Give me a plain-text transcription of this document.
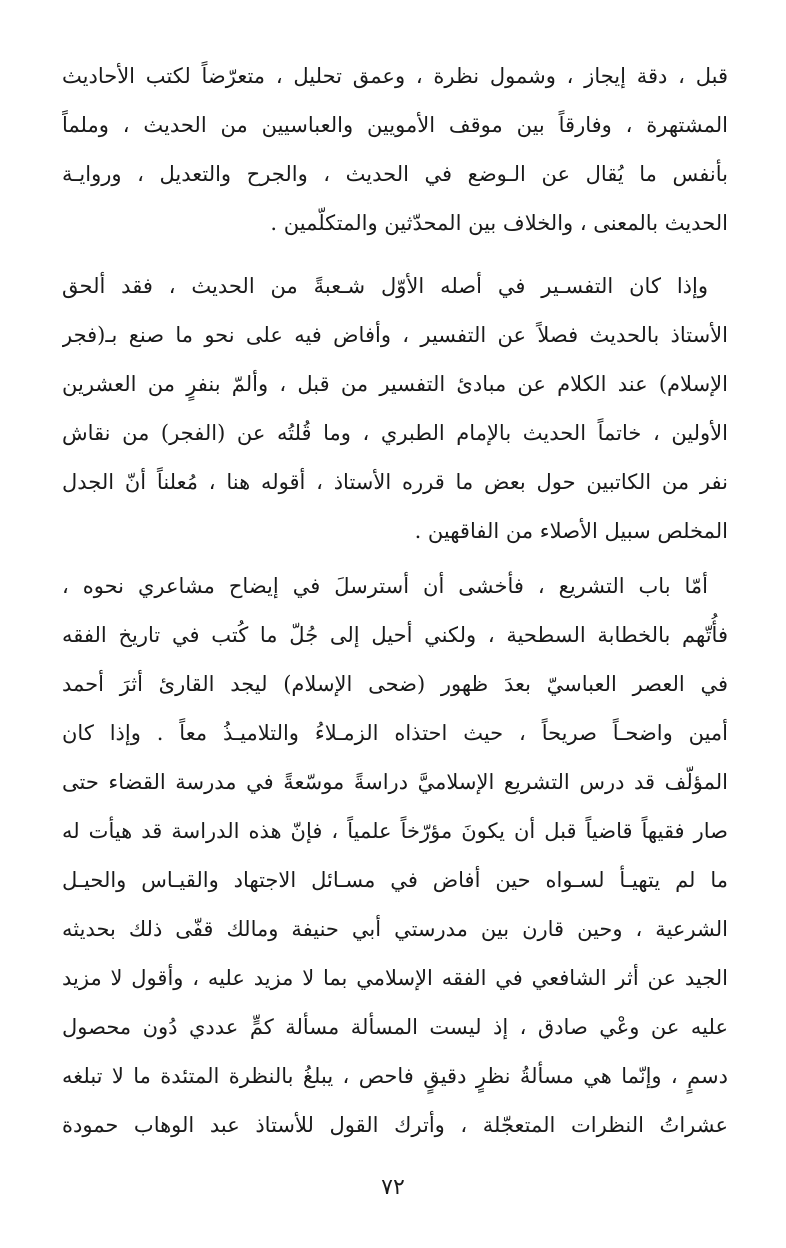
قبل ، دقة إيجاز ، وشمول نظرة ، وعمق تحليل ، متعرّضاً لكتب الأحاديث
المشتهرة ، وفارقاً بين موقف الأمويين والعباسيين من الحديث ، وملماً
بأنفس ما يُقال عن الـوضع في الحديث ، والجرح والتعديل ، وروايـة
الحديث بالمعنى ، والخلاف بين المحدّثين والمتكلّمين .
وإذا كان التفسـير في أصله الأوّل شـعبةً من الحديث ، فقد ألحق
الأستاذ بالحديث فصلاً عن التفسير ، وأفاض فيه على نحو ما صنع بـ(فجر
الإسلام) عند الكلام عن مبادئ التفسير من قبل ، وألمّ بنفرٍ من العشرين
الأولين ، خاتماً الحديث بالإمام الطبري ، وما قُلتُه عن (الفجر) من نقاش
نفر من الكاتبين حول بعض ما قرره الأستاذ ، أقوله هنا ، مُعلناً أنّ الجدل
المخلص سبيل الأصلاء من الفاقهين .
أمّا باب التشريع ، فأخشى أن أسترسلَ في إيضاح مشاعري نحوه ،
فأُتّهم بالخطابة السطحية ، ولكني أحيل إلى جُلّ ما كُتب في تاريخ الفقه
في العصر العباسيّ بعدَ ظهور (ضحى الإسلام) ليجد القارئ أثرَ أحمد
أمين واضحـاً صريحاً ، حيث احتذاه الزمـلاءُ والتلاميـذُ معاً . وإذا كان
المؤلّف قد درس التشريع الإسلاميَّ دراسةً موسّعةً في مدرسة القضاء حتى
صار فقيهاً قاضياً قبل أن يكونَ مؤرّخاً علمياً ، فإنّ هذه الدراسة قد هيأت له
ما لم يتهيـأ لسـواه حين أفاض في مسـائل الاجتهاد والقيـاس والحيـل
الشرعية ، وحين قارن بين مدرستي أبي حنيفة ومالك قفّى ذلك بحديثه
الجيد عن أثر الشافعي في الفقه الإسلامي بما لا مزيد عليه ، وأقول لا مزيد
عليه عن وعْي صادق ، إذ ليست المسألة مسألة كمٍّ عددي دُون محصول
دسمٍ ، وإنّما هي مسألةُ نظرٍ دقيقٍ فاحص ، يبلغُ بالنظرة المتئدة ما لا تبلغه
عشراتُ النظرات المتعجّلة ، وأترك القول للأستاذ عبد الوهاب حمودة
٧٢
